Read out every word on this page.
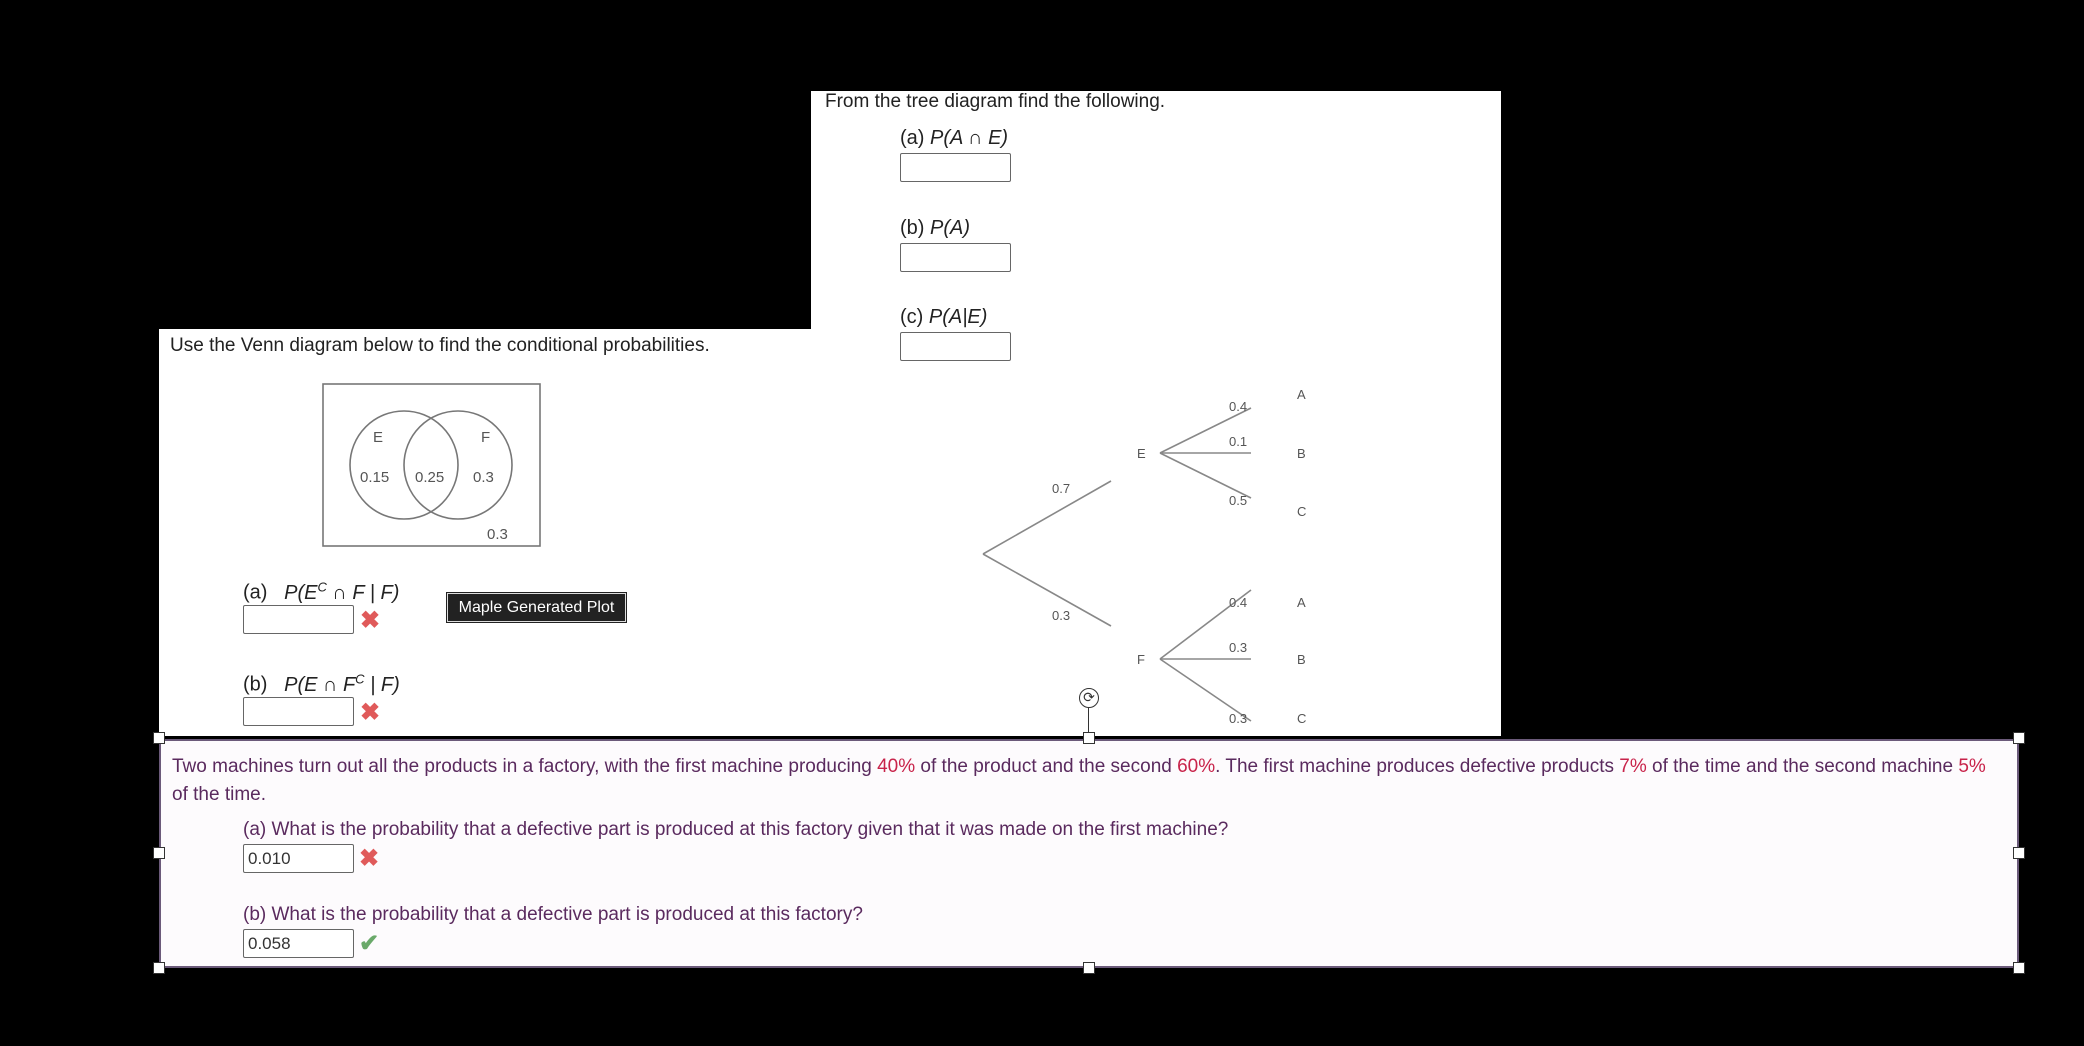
From the tree diagram find the following.
(a) P(A ∩ E)
(b) P(A)
(c) P(A|E)
0.7
0.3
E
F
0.4
0.1
0.5
A
B
C
0.4
0.3
0.3
A
B
C
Use the Venn diagram below to find the conditional probabilities.
E	F
0.15 0.25 0.3
0.3
(a) $P(E^C$ ∩ F | F)
✖
(b) P(E ∩ $F^C$ | F)
✖
Maple Generated Plot
⟳
Two machines turn out all the products in a factory, with the first machine producing 40% of the product and the second 60%. The first machine produces defective products 7% of the time and the second machine 5% of the time.
(a) What is the probability that a defective part is produced at this factory given that it was made on the first machine?
0.010
✖
(b) What is the probability that a defective part is produced at this factory?
0.058
✔
